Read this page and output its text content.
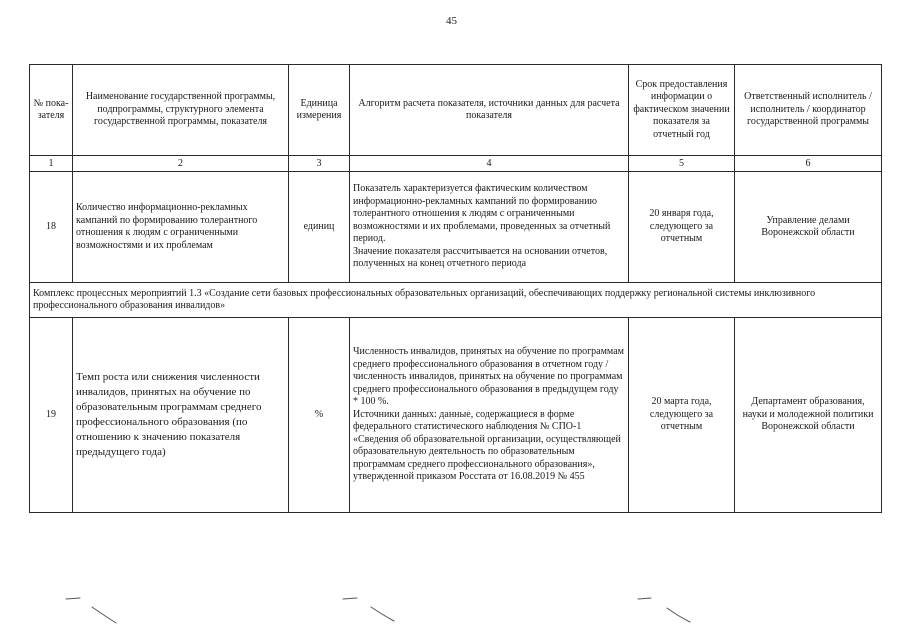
45
№ пока-
зателя	Наименование государственной программы, подпрограммы, структурного элемента государственной программы, показателя	Единица измерения	Алгоритм расчета показателя, источники данных для расчета показателя	Срок предоставления информации о фактическом значении показателя за отчетный год	Ответственный исполнитель / исполнитель / координатор государственной программы
1	2	3	4	5	6
18	Количество информационно-рекламных кампаний по формированию толерантного отношения к людям с ограниченными возможностями и их проблемам	единиц	Показатель характеризуется фактическим количеством информационно-рекламных кампаний по формированию толерантного отношения к людям с ограниченными возможностями и их проблемами, проведенных за отчетный период.
Значение показателя рассчитывается на основании отчетов, полученных на конец отчетного периода	20 января года, следующего за отчетным	Управление делами Воронежской области
Комплекс процессных мероприятий 1.3 «Создание сети базовых профессиональных образовательных организаций, обеспечивающих поддержку региональной системы инклюзивного профессионального образования инвалидов»					
19	Темп роста или снижения численности инвалидов, принятых на обучение по образовательным программам среднего профессионального образования (по отношению к значению показателя предыдущего года)	%	Численность инвалидов, принятых на обучение по программам среднего профессионального образования в отчетном году / численность инвалидов, принятых на обучение по программам среднего профессионального образования в предыдущем году * 100 %.
Источники данных: данные, содержащиеся в форме федерального статистического наблюдения № СПО-1 «Сведения об образовательной организации, осуществляющей образовательную деятельность по образовательным программам среднего профессионального образования», утвержденной приказом Росстата от 16.08.2019 № 455	20 марта года, следующего за отчетным	Департамент образования, науки и молодежной политики Воронежской области
